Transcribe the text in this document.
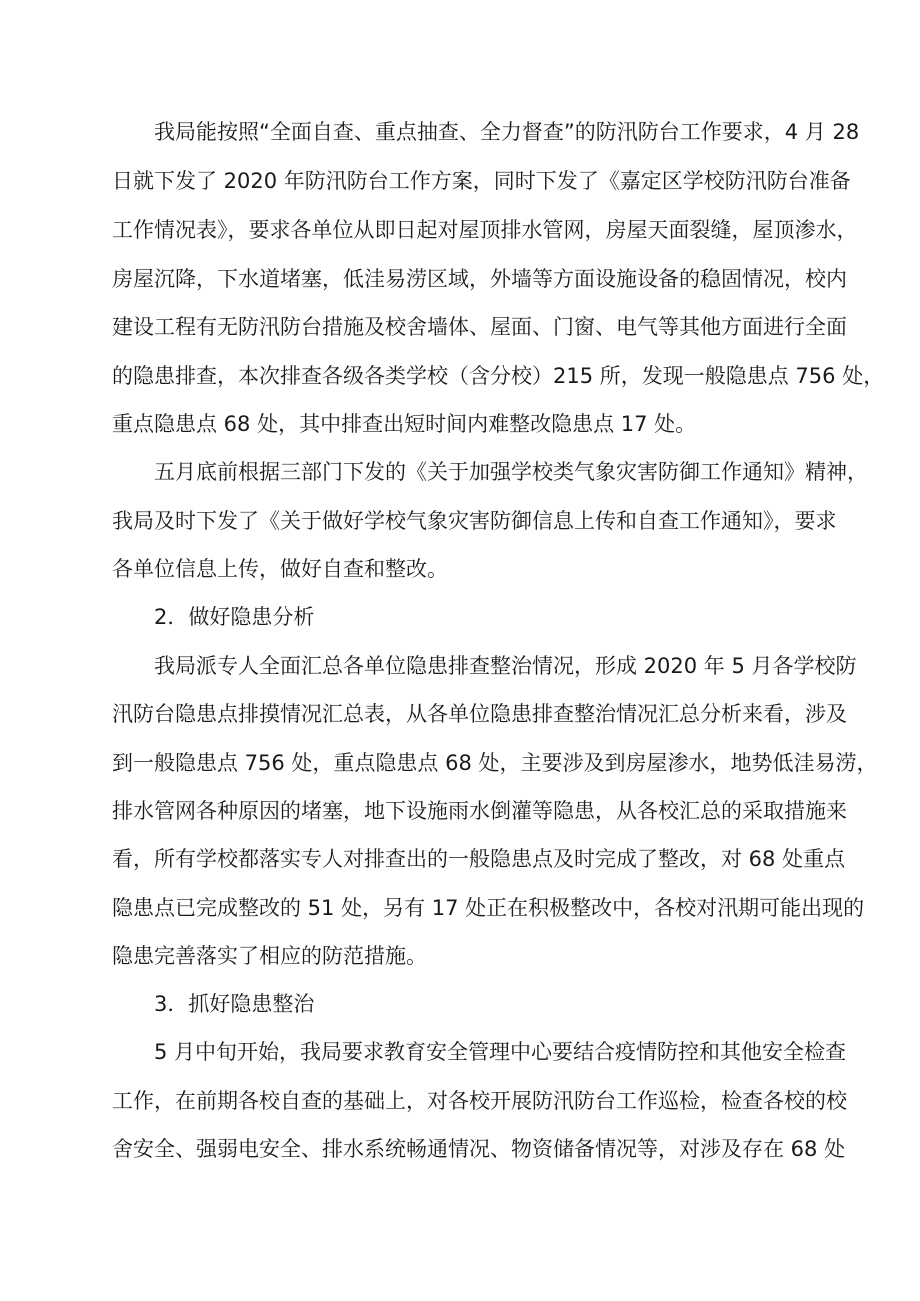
我局能按照“全面自查、重点抽查、全力督查”的防汛防台工作要求，4 月 28
日就下发了 2020 年防汛防台工作方案，同时下发了《嘉定区学校防汛防台准备
工作情况表》，要求各单位从即日起对屋顶排水管网，房屋天面裂缝，屋顶渗水，
房屋沉降，下水道堵塞，低洼易涝区域，外墙等方面设施设备的稳固情况，校内
建设工程有无防汛防台措施及校舍墙体、屋面、门窗、电气等其他方面进行全面
的隐患排查，本次排查各级各类学校（含分校）215 所，发现一般隐患点 756 处，
重点隐患点 68 处，其中排查出短时间内难整改隐患点 17 处。
五月底前根据三部门下发的《关于加强学校类气象灾害防御工作通知》精神，
我局及时下发了《关于做好学校气象灾害防御信息上传和自查工作通知》，要求
各单位信息上传，做好自查和整改。
2．做好隐患分析
我局派专人全面汇总各单位隐患排查整治情况，形成 2020 年 5 月各学校防
汛防台隐患点排摸情况汇总表，从各单位隐患排查整治情况汇总分析来看，涉及
到一般隐患点 756 处，重点隐患点 68 处，主要涉及到房屋渗水，地势低洼易涝，
排水管网各种原因的堵塞，地下设施雨水倒灌等隐患，从各校汇总的采取措施来
看，所有学校都落实专人对排查出的一般隐患点及时完成了整改，对 68 处重点
隐患点已完成整改的 51 处，另有 17 处正在积极整改中，各校对汛期可能出现的
隐患完善落实了相应的防范措施。
3．抓好隐患整治
5 月中旬开始，我局要求教育安全管理中心要结合疫情防控和其他安全检查
工作，在前期各校自查的基础上，对各校开展防汛防台工作巡检，检查各校的校
舍安全、强弱电安全、排水系统畅通情况、物资储备情况等，对涉及存在 68 处
